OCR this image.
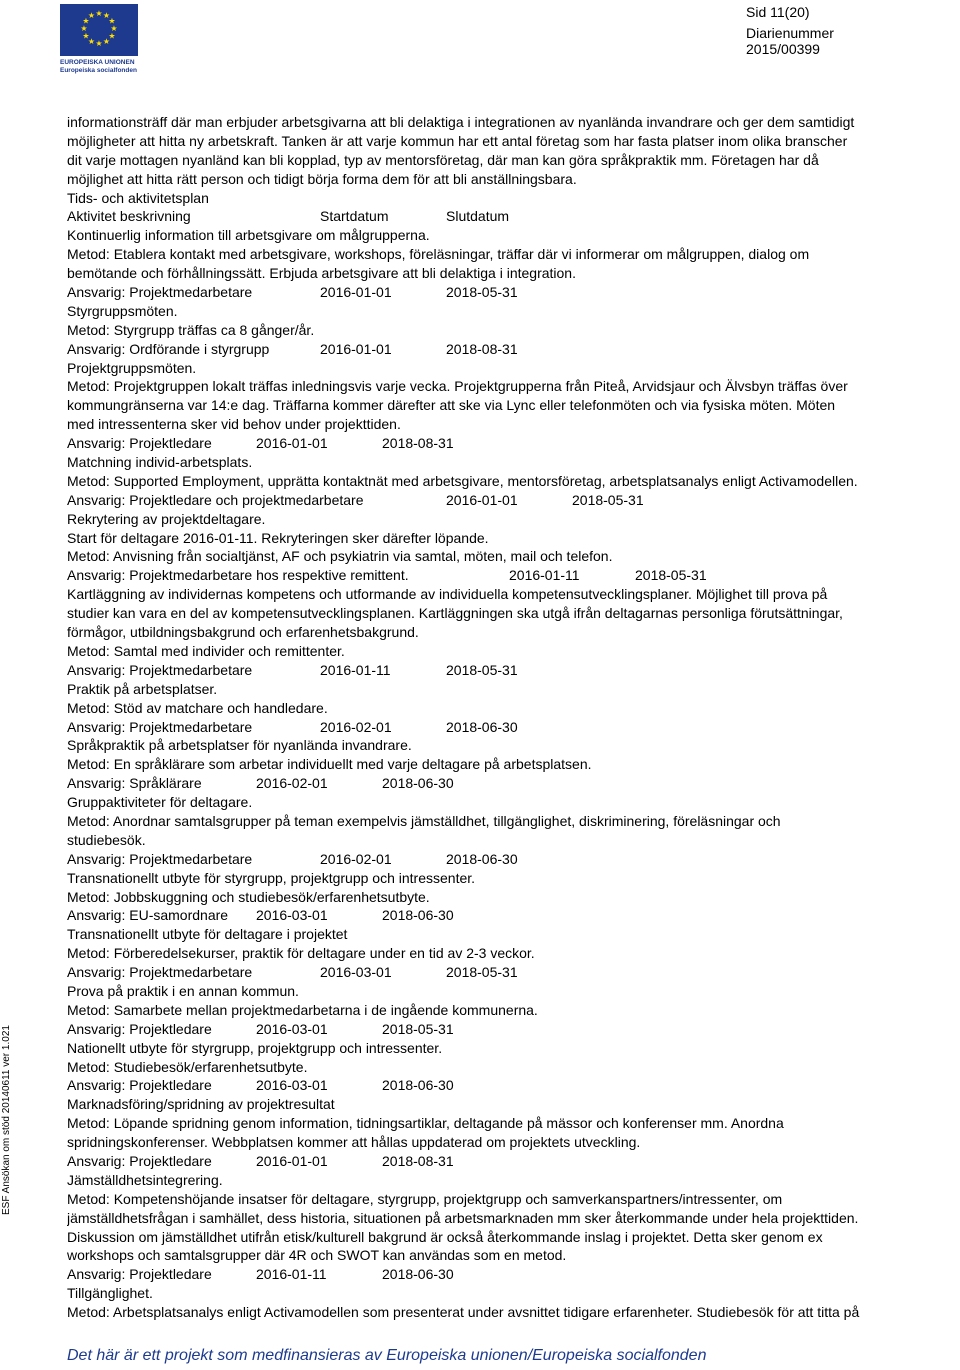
★ ★
★
★
★
★
★
★
★
★
★
★
EUROPEISKA UNIONEN
Europeiska socialfonden
Sid 11(20)
Diarienummer
2015/00399
ESF Ansökan om stöd 20140611 ver 1.021
informationsträff där man erbjuder arbetsgivarna att bli delaktiga i integrationen av nyanlända invandrare och ger dem samtidigt
möjligheter att hitta ny arbetskraft. Tanken är att varje kommun har ett antal företag som har fasta platser inom olika branscher
dit varje mottagen nyanländ kan bli kopplad, typ av mentorsföretag, där man kan göra språkpraktik mm. Företagen har då
möjlighet att hitta rätt person och tidigt börja forma dem för att bli anställningsbara.
Tids- och aktivitetsplan
Aktivitet beskrivning	Startdatum	Slutdatum
Kontinuerlig information till arbetsgivare om målgrupperna.
Metod: Etablera kontakt med arbetsgivare, workshops, föreläsningar, träffar där vi informerar om målgruppen, dialog om
bemötande och förhållningssätt. Erbjuda arbetsgivare att bli delaktiga i integration.
Ansvarig: Projektmedarbetare	2016-01-01	2018-05-31
Styrgruppsmöten.
Metod: Styrgrupp träffas ca 8 gånger/år.
Ansvarig: Ordförande i styrgrupp	2016-01-01	2018-08-31
Projektgruppsmöten.
Metod: Projektgruppen lokalt träffas inledningsvis varje vecka. Projektgrupperna från Piteå, Arvidsjaur och Älvsbyn träffas över
kommungränserna var 14:e dag. Träffarna kommer därefter att ske via Lync eller telefonmöten och via fysiska möten. Möten
med intressenterna sker vid behov under projekttiden.
Ansvarig: Projektledare	2016-01-01	2018-08-31
Matchning individ-arbetsplats.
Metod: Supported Employment, upprätta kontaktnät med arbetsgivare, mentorsföretag, arbetsplatsanalys enligt Activamodellen.
Ansvarig: Projektledare och projektmedarbetare	2016-01-01	2018-05-31
Rekrytering av projektdeltagare.
Start för deltagare 2016-01-11. Rekryteringen sker därefter löpande.
Metod: Anvisning från socialtjänst, AF och psykiatrin via samtal, möten, mail och telefon.
Ansvarig: Projektmedarbetare hos respektive remittent.	2016-01-11	2018-05-31
Kartläggning av individernas kompetens och utformande av individuella kompetensutvecklingsplaner. Möjlighet till prova på
studier kan vara en del av kompetensutvecklingsplanen. Kartläggningen ska utgå ifrån deltagarnas personliga förutsättningar,
förmågor, utbildningsbakgrund och erfarenhetsbakgrund.
Metod: Samtal med individer och remittenter.
Ansvarig: Projektmedarbetare	2016-01-11	2018-05-31
Praktik på arbetsplatser.
Metod: Stöd av matchare och handledare.
Ansvarig: Projektmedarbetare	2016-02-01	2018-06-30
Språkpraktik på arbetsplatser för nyanlända invandrare.
Metod: En språklärare som arbetar individuellt med varje deltagare på arbetsplatsen.
Ansvarig: Språklärare	2016-02-01	2018-06-30
Gruppaktiviteter för deltagare.
Metod: Anordnar samtalsgrupper på teman exempelvis jämställdhet, tillgänglighet, diskriminering, föreläsningar och
studiebesök.
Ansvarig: Projektmedarbetare	2016-02-01	2018-06-30
Transnationellt utbyte för styrgrupp, projektgrupp och intressenter.
Metod: Jobbskuggning och studiebesök/erfarenhetsutbyte.
Ansvarig: EU-samordnare 2016-03-01	2018-06-30
Transnationellt utbyte för deltagare i projektet
Metod: Förberedelsekurser, praktik för deltagare under en tid av 2-3 veckor.
Ansvarig: Projektmedarbetare	2016-03-01	2018-05-31
Prova på praktik i en annan kommun.
Metod: Samarbete mellan projektmedarbetarna i de ingående kommunerna.
Ansvarig: Projektledare	2016-03-01	2018-05-31
Nationellt utbyte för styrgrupp, projektgrupp och intressenter.
Metod: Studiebesök/erfarenhetsutbyte.
Ansvarig: Projektledare	2016-03-01	2018-06-30
Marknadsföring/spridning av projektresultat
Metod: Löpande spridning genom information, tidningsartiklar, deltagande på mässor och konferenser mm. Anordna
spridningskonferenser. Webbplatsen kommer att hållas uppdaterad om projektets utveckling.
Ansvarig: Projektledare	2016-01-01	2018-08-31
Jämställdhetsintegrering.
Metod: Kompetenshöjande insatser för deltagare, styrgrupp, projektgrupp och samverkanspartners/intressenter, om
jämställdhetsfrågan i samhället, dess historia, situationen på arbetsmarknaden mm sker återkommande under hela projekttiden.
Diskussion om jämställdhet utifrån etisk/kulturell bakgrund är också återkommande inslag i projektet. Detta sker genom ex
workshops och samtalsgrupper där 4R och SWOT kan användas som en metod.
Ansvarig: Projektledare	2016-01-11	2018-06-30
Tillgänglighet.
Metod: Arbetsplatsanalys enligt Activamodellen som presenterat under avsnittet tidigare erfarenheter. Studiebesök för att titta på
Det här är ett projekt som medfinansieras av Europeiska unionen/Europeiska socialfonden
